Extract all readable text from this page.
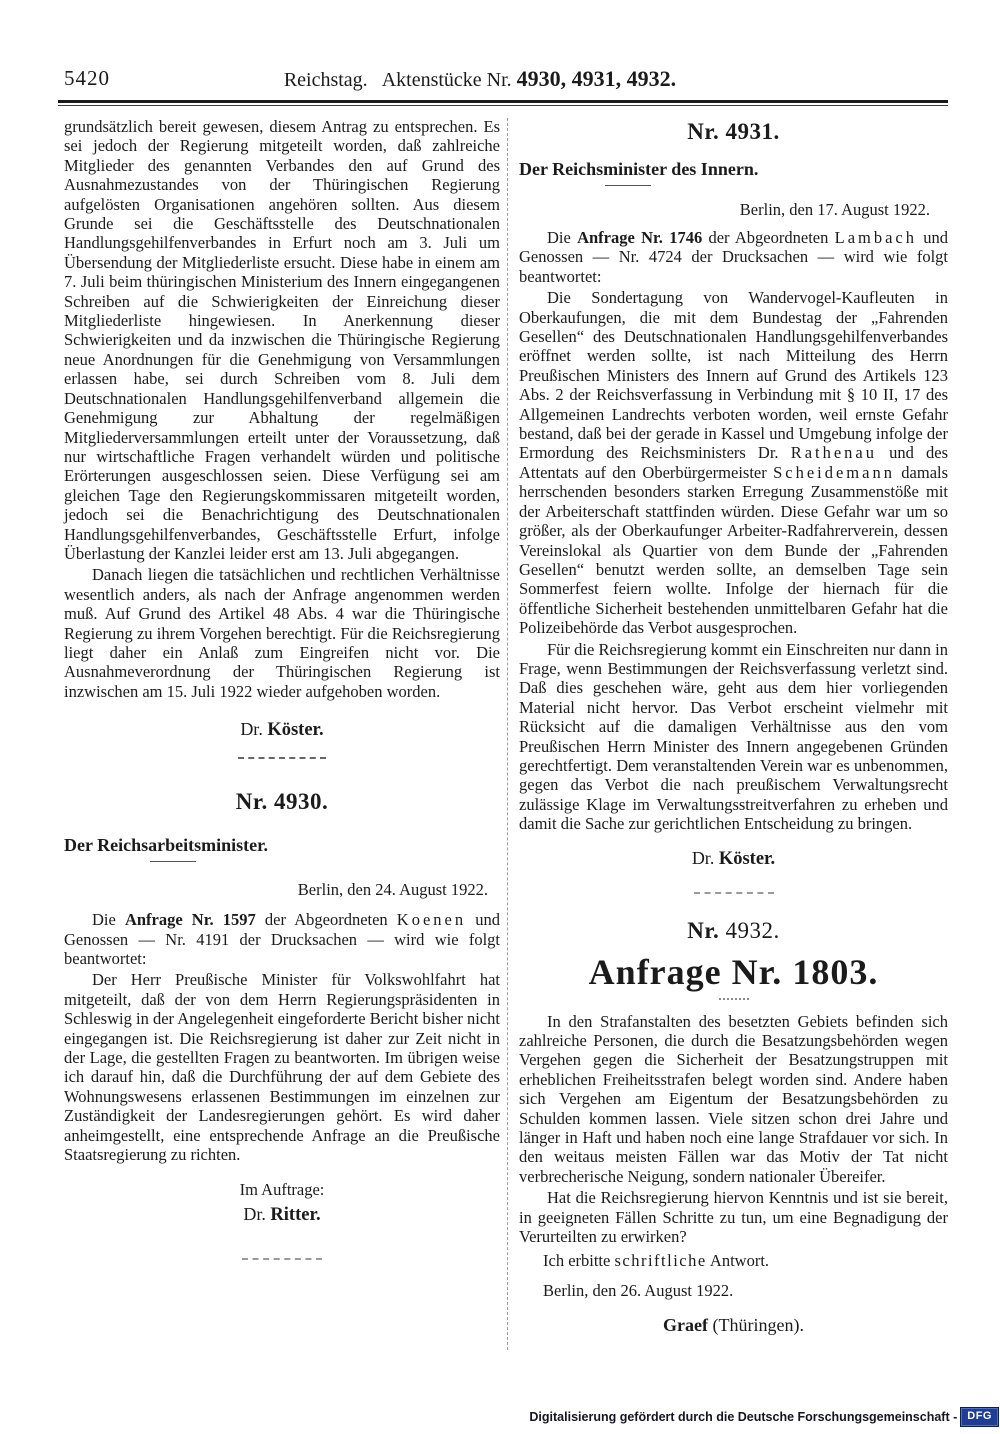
5420	Reichstag. Aktenstücke Nr. 4930, 4931, 4932.

grundsätzlich bereit gewesen, diesem Antrag zu entsprechen. Es sei jedoch der Regierung mitgeteilt worden, daß zahlreiche Mitglieder des genannten Verbandes den auf Grund des Ausnahmezustandes von der Thüringischen Regierung aufgelösten Organisationen angehören sollten. Aus diesem Grunde sei die Geschäftsstelle des Deutschnationalen Handlungsgehilfenverbandes in Erfurt noch am 3. Juli um Übersendung der Mitgliederliste ersucht. Diese habe in einem am 7. Juli beim thüringischen Ministerium des Innern eingegangenen Schreiben auf die Schwierigkeiten der Einreichung dieser Mitgliederliste hingewiesen. In Anerkennung dieser Schwierigkeiten und da inzwischen die Thüringische Regierung neue Anordnungen für die Genehmigung von Versammlungen erlassen habe, sei durch Schreiben vom 8. Juli dem Deutschnationalen Handlungsgehilfenverband allgemein die Genehmigung zur Abhaltung der regelmäßigen Mitgliederversammlungen erteilt unter der Voraussetzung, daß nur wirtschaftliche Fragen verhandelt würden und politische Erörterungen ausgeschlossen seien. Diese Verfügung sei am gleichen Tage den Regierungskommissaren mitgeteilt worden, jedoch sei die Benachrichtigung des Deutschnationalen Handlungsgehilfenverbandes, Geschäftsstelle Erfurt, infolge Überlastung der Kanzlei leider erst am 13. Juli abgegangen.

Danach liegen die tatsächlichen und rechtlichen Verhältnisse wesentlich anders, als nach der Anfrage angenommen werden muß. Auf Grund des Artikel 48 Abs. 4 war die Thüringische Regierung zu ihrem Vorgehen berechtigt. Für die Reichsregierung liegt daher ein Anlaß zum Eingreifen nicht vor. Die Ausnahmeverordnung der Thüringischen Regierung ist inzwischen am 15. Juli 1922 wieder aufgehoben worden.

Dr. Köster.
Nr. 4930.
Der Reichsarbeitsminister.
Berlin, den 24. August 1922.

Die Anfrage Nr. 1597 der Abgeordneten Koenen und Genossen — Nr. 4191 der Drucksachen — wird wie folgt beantwortet:

Der Herr Preußische Minister für Volkswohlfahrt hat mitgeteilt, daß der von dem Herrn Regierungspräsidenten in Schleswig in der Angelegenheit eingeforderte Bericht bisher nicht eingegangen ist. Die Reichsregierung ist daher zur Zeit nicht in der Lage, die gestellten Fragen zu beantworten. Im übrigen weise ich darauf hin, daß die Durchführung der auf dem Gebiete des Wohnungswesens erlassenen Bestimmungen im einzelnen zur Zuständigkeit der Landesregierungen gehört. Es wird daher anheimgestellt, eine entsprechende Anfrage an die Preußische Staatsregierung zu richten.

Im Auftrage:
Dr. Ritter.
Nr. 4931.
Der Reichsminister des Innern.
Berlin, den 17. August 1922.

Die Anfrage Nr. 1746 der Abgeordneten Lambach und Genossen — Nr. 4724 der Drucksachen — wird wie folgt beantwortet:

Die Sondertagung von Wandervogel-Kaufleuten in Oberkaufungen, die mit dem Bundestag der „Fahrenden Gesellen“ des Deutschnationalen Handlungsgehilfenverbandes eröffnet werden sollte, ist nach Mitteilung des Herrn Preußischen Ministers des Innern auf Grund des Artikels 123 Abs. 2 der Reichsverfassung in Verbindung mit § 10 II, 17 des Allgemeinen Landrechts verboten worden, weil ernste Gefahr bestand, daß bei der gerade in Kassel und Umgebung infolge der Ermordung des Reichsministers Dr. Rathenau und des Attentats auf den Oberbürgermeister Scheidemann damals herrschenden besonders starken Erregung Zusammenstöße mit der Arbeiterschaft stattfinden würden. Diese Gefahr war um so größer, als der Oberkaufunger Arbeiter-Radfahrerverein, dessen Vereinslokal als Quartier von dem Bunde der „Fahrenden Gesellen“ benutzt werden sollte, an demselben Tage sein Sommerfest feiern wollte. Infolge der hiernach für die öffentliche Sicherheit bestehenden unmittelbaren Gefahr hat die Polizeibehörde das Verbot ausgesprochen.

Für die Reichsregierung kommt ein Einschreiten nur dann in Frage, wenn Bestimmungen der Reichsverfassung verletzt sind. Daß dies geschehen wäre, geht aus dem hier vorliegenden Material nicht hervor. Das Verbot erscheint vielmehr mit Rücksicht auf die damaligen Verhältnisse aus den vom Preußischen Herrn Minister des Innern angegebenen Gründen gerechtfertigt. Dem veranstaltenden Verein war es unbenommen, gegen das Verbot die nach preußischem Verwaltungsrecht zulässige Klage im Verwaltungsstreitverfahren zu erheben und damit die Sache zur gerichtlichen Entscheidung zu bringen.

Dr. Köster.
Nr. 4932.
Anfrage Nr. 1803.

In den Strafanstalten des besetzten Gebiets befinden sich zahlreiche Personen, die durch die Besatzungsbehörden wegen Vergehen gegen die Sicherheit der Besatzungstruppen mit erheblichen Freiheitsstrafen belegt worden sind. Andere haben sich Vergehen am Eigentum der Besatzungsbehörden zu Schulden kommen lassen. Viele sitzen schon drei Jahre und länger in Haft und haben noch eine lange Strafdauer vor sich. In den weitaus meisten Fällen war das Motiv der Tat nicht verbrecherische Neigung, sondern nationaler Übereifer.

Hat die Reichsregierung hiervon Kenntnis und ist sie bereit, in geeigneten Fällen Schritte zu tun, um eine Begnadigung der Verurteilten zu erwirken?

Ich erbitte schriftliche Antwort.

Berlin, den 26. August 1922.
Graef (Thüringen).
Digitalisierung gefördert durch die Deutsche Forschungsgemeinschaft - DFG
